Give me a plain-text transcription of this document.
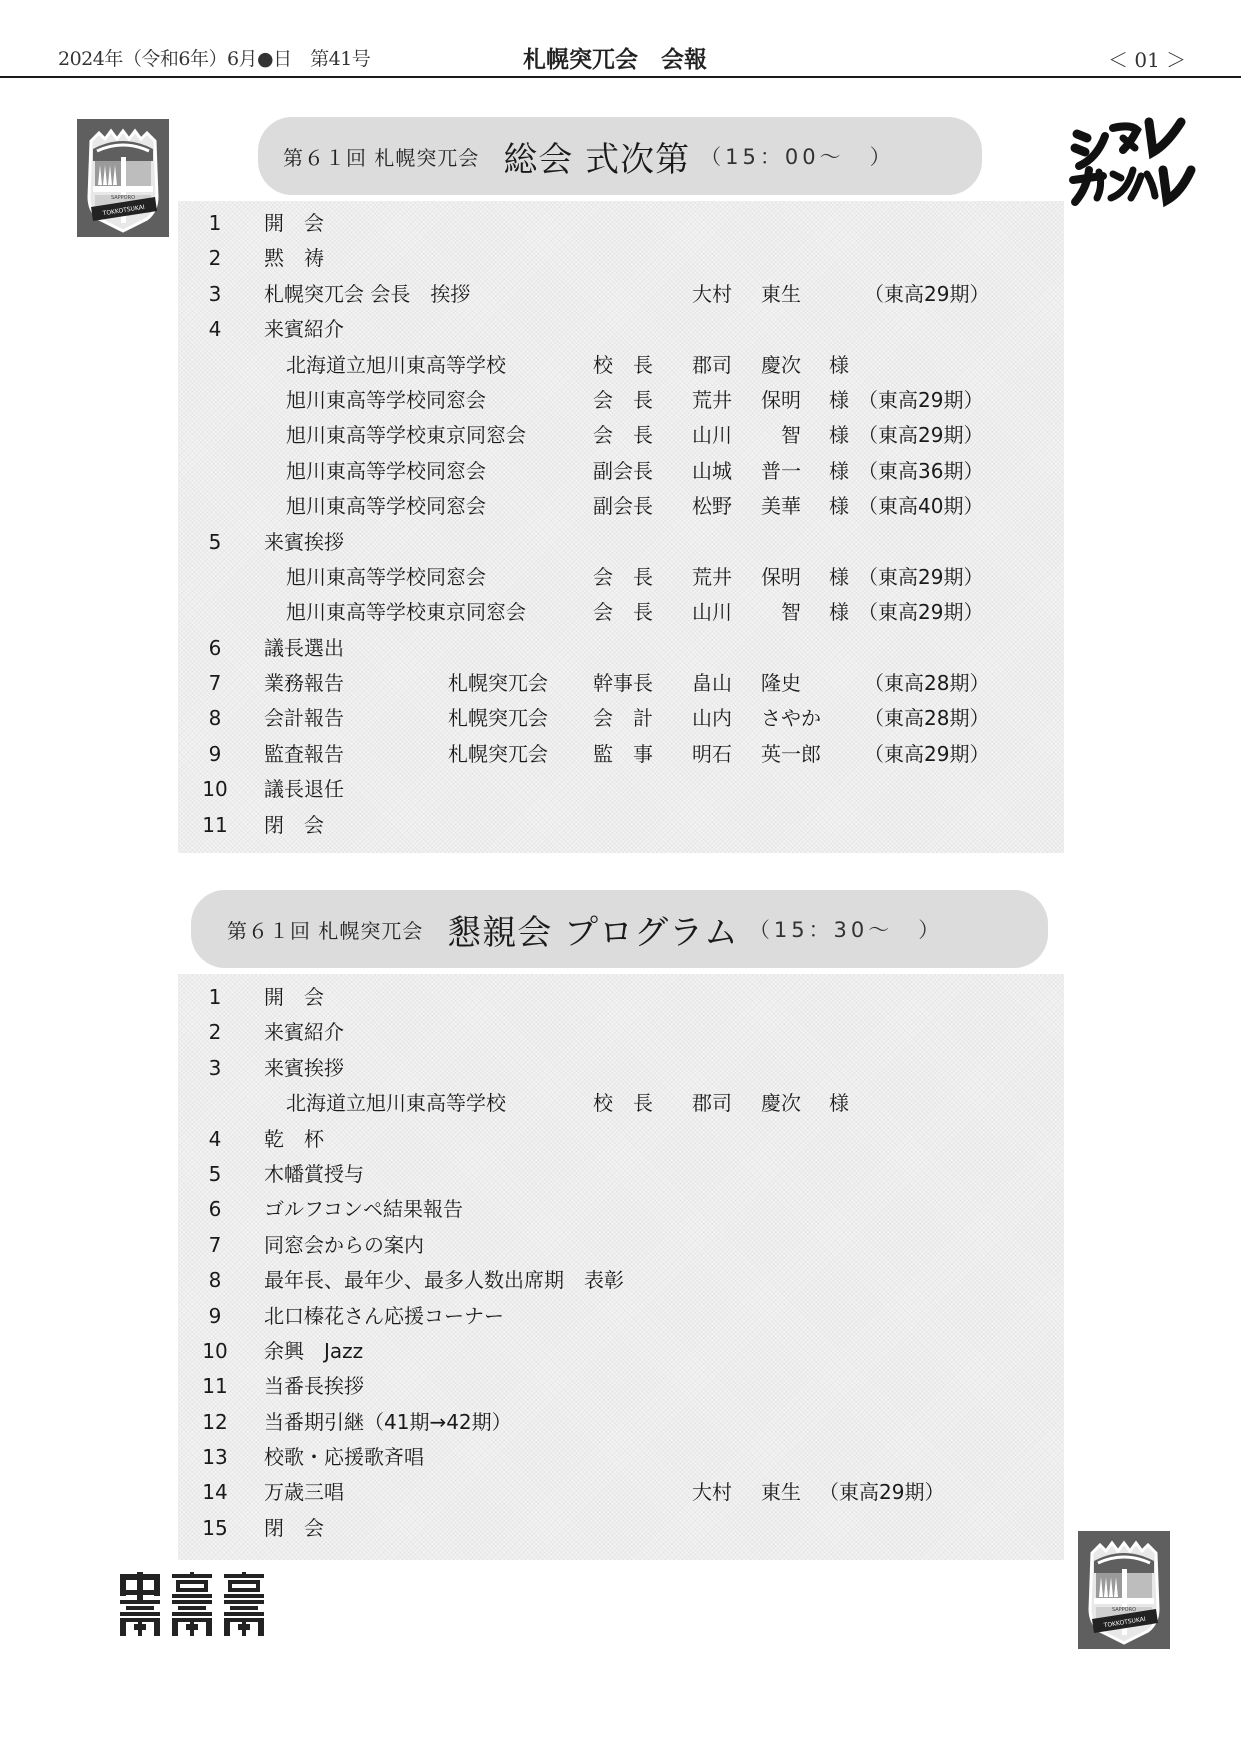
2024年（令和6年）6月●日　第41号	札幌突兀会　会報	＜ 01 ＞
TOKKOTSUKAI
SAPPORO
第６１回 札幌突兀会 総会 式次第 （15：00～　）
1	開　会
2	黙　祷
3	札幌突兀会 会長　挨拶	大村 東生	（東高29期）
4	来賓紹介
北海道立旭川東高等学校	校　長 郡司 慶次 様
旭川東高等学校同窓会	会　長 荒井 保明 様 （東高29期）
旭川東高等学校東京同窓会	会　長 山川 　智 様 （東高29期）
旭川東高等学校同窓会	副会長 山城 普一 様 （東高36期）
旭川東高等学校同窓会	副会長 松野 美華 様 （東高40期）
5	来賓挨拶
旭川東高等学校同窓会	会　長 荒井 保明 様 （東高29期）
旭川東高等学校東京同窓会	会　長 山川 　智 様 （東高29期）
6	議長選出
7	業務報告	札幌突兀会 幹事長 畠山 隆史	（東高28期）
8	会計報告	札幌突兀会 会　計 山内 さやか （東高28期）
9	監査報告	札幌突兀会 監　事 明石 英一郎 （東高29期）
10 議長退任
11 閉　会
第６１回 札幌突兀会 懇親会 プログラム （15：30～　）
1	開　会
2	来賓紹介
3	来賓挨拶
北海道立旭川東高等学校	校　長 郡司 慶次 様
4	乾　杯
5	木幡賞授与
6	ゴルフコンペ結果報告
7	同窓会からの案内
8	最年長、最年少、最多人数出席期　表彰
9	北口榛花さん応援コーナー
10 余興　Jazz
11 当番長挨拶
12 当番期引継（41期→42期）
13 校歌・応援歌斉唱
14 万歳三唱	大村 東生 （東高29期）
15 閉　会
TOKKOTSUKAI
SAPPORO
